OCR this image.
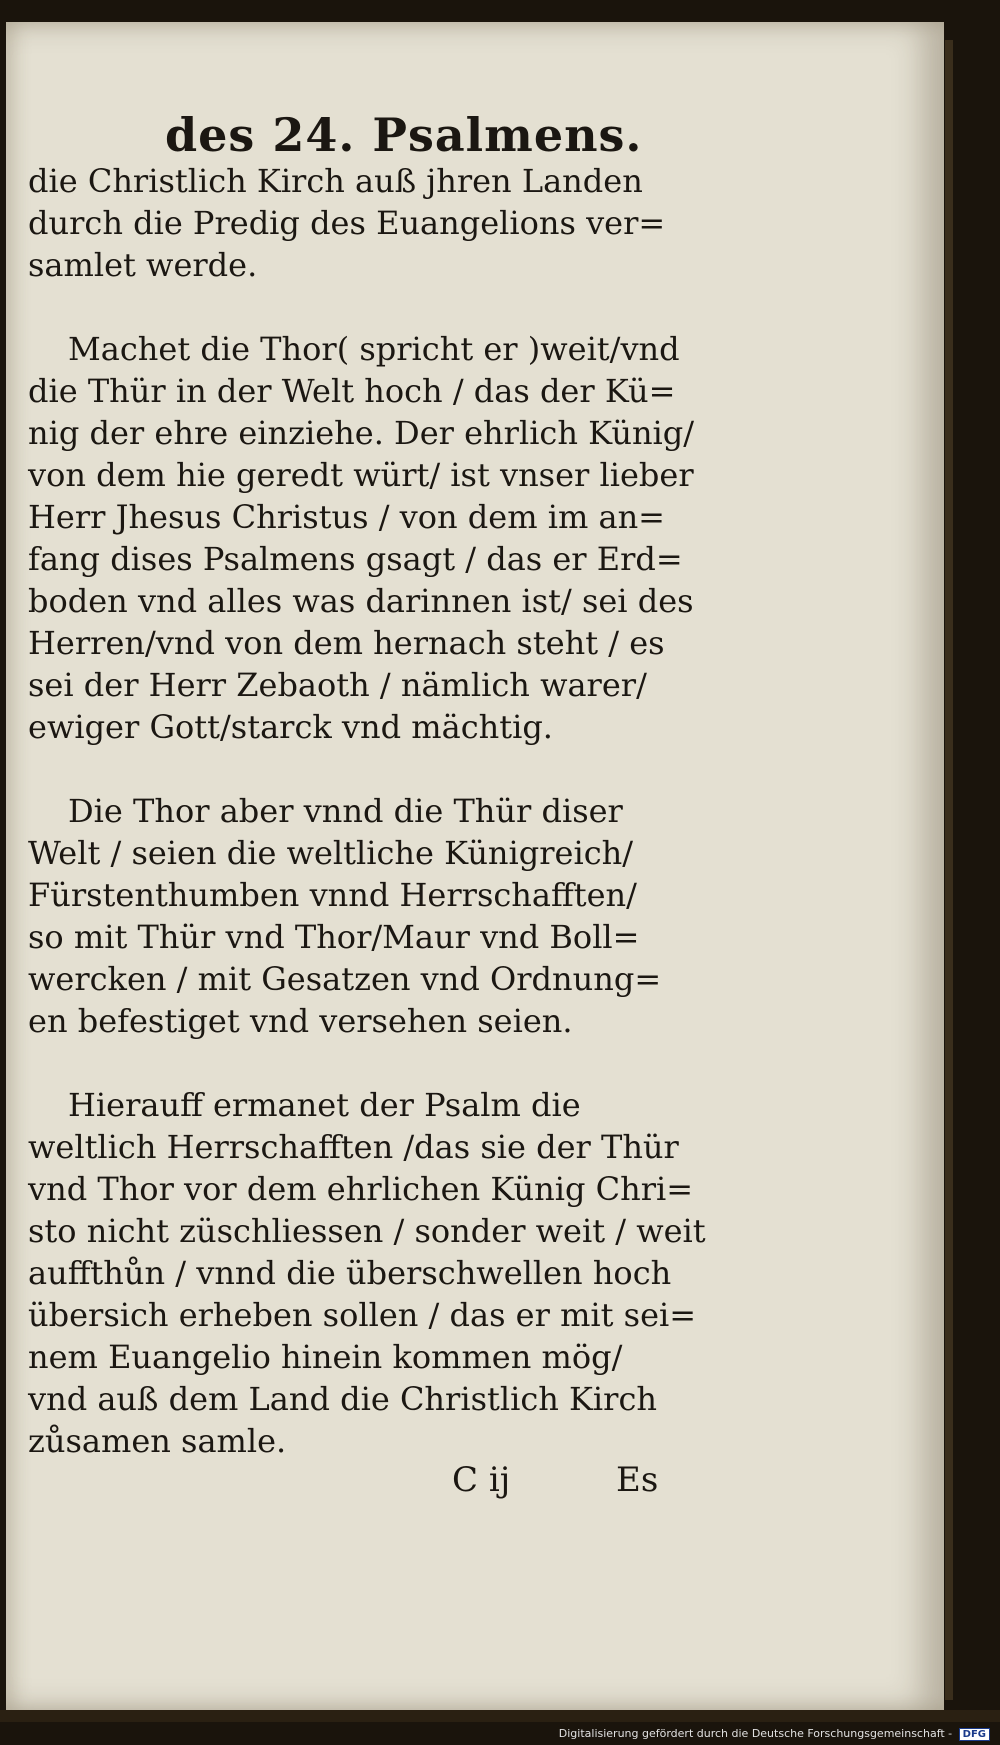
des 24. Psalmens.
die Christlich Kirch auß jhren Landen
durch die Predig des Euangelions ver=
samlet werde.
Machet die Thor( spricht er )weit/vnd
die Thür in der Welt hoch / das der Kü=
nig der ehre einziehe. Der ehrlich Künig/
von dem hie geredt würt/ ist vnser lieber
Herr Jhesus Christus / von dem im an=
fang dises Psalmens gsagt / das er Erd=
boden vnd alles was darinnen ist/ sei des
Herren/vnd von dem hernach steht / es
sei der Herr Zebaoth / nämlich warer/
ewiger Gott/starck vnd mächtig.
Die Thor aber vnnd die Thür diser
Welt / seien die weltliche Künigreich/
Fürstenthumben vnnd Herrschafften/
so mit Thür vnd Thor/Maur vnd Boll=
wercken / mit Gesatzen vnd Ordnung=
en befestiget vnd versehen seien.
Hierauff ermanet der Psalm die
weltlich Herrschafften /das sie der Thür
vnd Thor vor dem ehrlichen Künig Chri=
sto nicht züschliessen / sonder weit / weit
auffthůn / vnnd die überschwellen hoch
übersich erheben sollen / das er mit sei=
nem Euangelio hinein kommen mög/
vnd auß dem Land die Christlich Kirch
zůsamen samle.
C ij	Es
Digitalisierung gefördert durch die Deutsche Forschungsgemeinschaft - DFG
